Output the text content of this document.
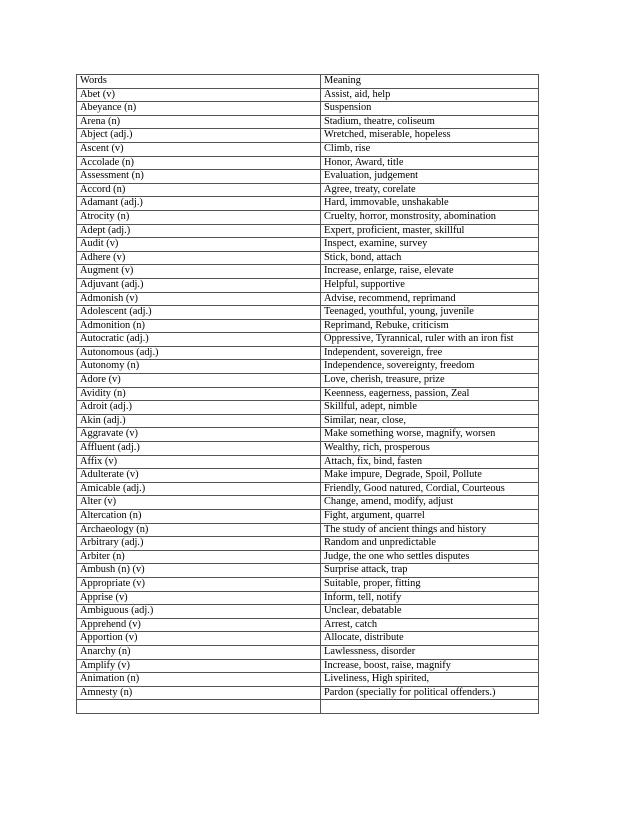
Words	Meaning
Abet (v)	Assist, aid, help
Abeyance (n)	Suspension
Arena (n)	Stadium, theatre, coliseum
Abject (adj.)	Wretched, miserable, hopeless
Ascent (v)	Climb, rise
Accolade (n)	Honor, Award, title
Assessment (n)	Evaluation, judgement
Accord (n)	Agree, treaty, corelate
Adamant (adj.)	Hard, immovable, unshakable
Atrocity (n)	Cruelty, horror, monstrosity, abomination
Adept (adj.)	Expert, proficient, master, skillful
Audit (v)	Inspect, examine, survey
Adhere (v)	Stick, bond, attach
Augment (v)	Increase, enlarge, raise, elevate
Adjuvant (adj.)	Helpful, supportive
Admonish (v)	Advise, recommend, reprimand
Adolescent (adj.)	Teenaged, youthful, young, juvenile
Admonition (n)	Reprimand, Rebuke, criticism
Autocratic (adj.)	Oppressive, Tyrannical, ruler with an iron fist
Autonomous (adj.)	Independent, sovereign, free
Autonomy (n)	Independence, sovereignty, freedom
Adore (v)	Love, cherish, treasure, prize
Avidity (n)	Keenness, eagerness, passion, Zeal
Adroit (adj.)	Skillful, adept, nimble
Akin (adj.)	Similar, near, close,
Aggravate (v)	Make something worse, magnify, worsen
Affluent (adj.)	Wealthy, rich, prosperous
Affix (v)	Attach, fix, bind, fasten
Adulterate (v)	Make impure, Degrade, Spoil, Pollute
Amicable (adj.)	Friendly, Good natured, Cordial, Courteous
Alter (v)	Change, amend, modify, adjust
Altercation (n)	Fight, argument, quarrel
Archaeology (n)	The study of ancient things and history
Arbitrary (adj.)	Random and unpredictable
Arbiter (n)	Judge, the one who settles disputes
Ambush (n) (v)	Surprise attack, trap
Appropriate (v)	Suitable, proper, fitting
Apprise (v)	Inform, tell, notify
Ambiguous (adj.)	Unclear, debatable
Apprehend (v)	Arrest, catch
Apportion (v)	Allocate, distribute
Anarchy (n)	Lawlessness, disorder
Amplify (v)	Increase, boost, raise, magnify
Animation (n)	Liveliness, High spirited,
Amnesty (n)	Pardon (specially for political offenders.)
